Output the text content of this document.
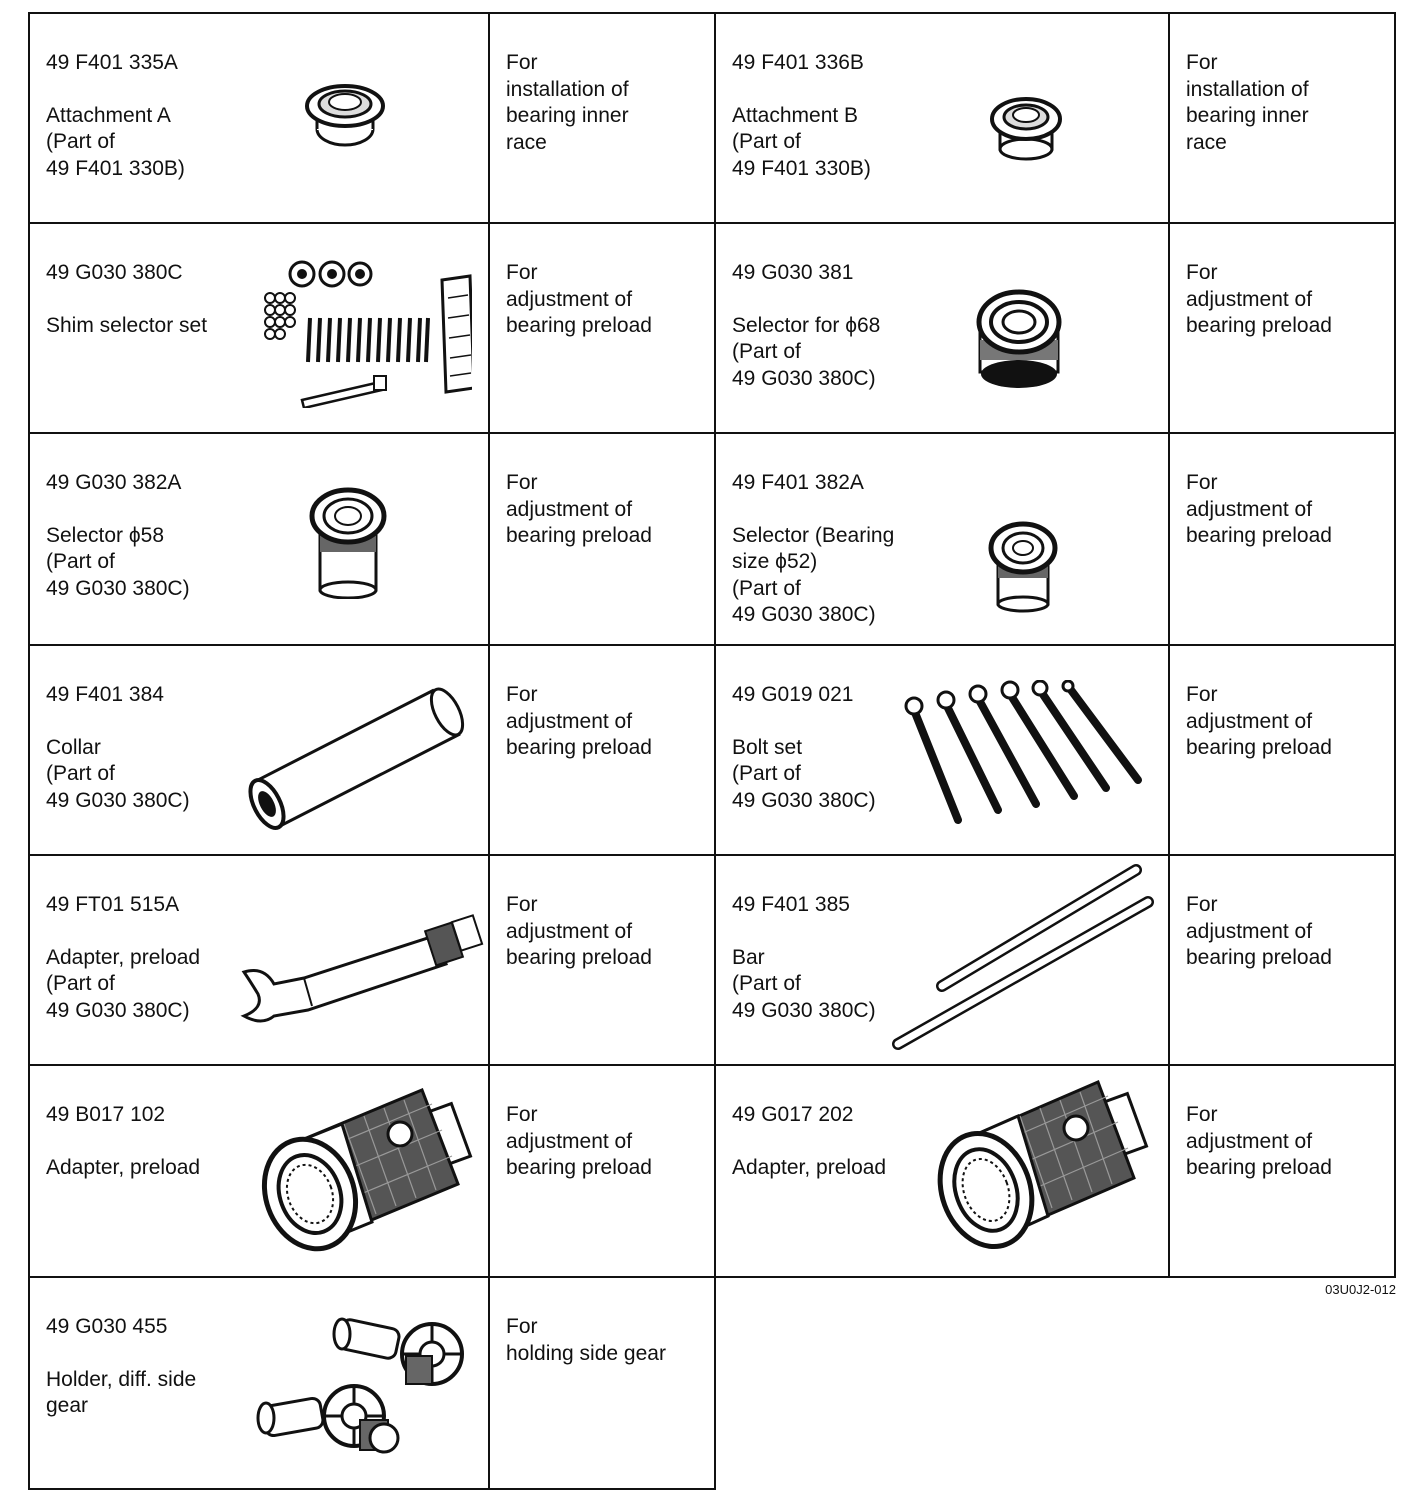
49 F401 335A
Attachment A
(Part of
49 F401 330B)
For
installation of
bearing inner
race
49 F401 336B
Attachment B
(Part of
49 F401 330B)
For
installation of
bearing inner
race
49 G030 380C
Shim selector set
For
adjustment of
bearing preload
49 G030 381
Selector for ϕ68
(Part of
49 G030 380C)
For
adjustment of
bearing preload
49 G030 382A
Selector ϕ58
(Part of
49 G030 380C)
For
adjustment of
bearing preload
49 F401 382A
Selector (Bearing
size ϕ52)
(Part of
49 G030 380C)
For
adjustment of
bearing preload
49 F401 384
Collar
(Part of
49 G030 380C)
For
adjustment of
bearing preload
49 G019 021
Bolt set
(Part of
49 G030 380C)
For
adjustment of
bearing preload
49 FT01 515A
Adapter, preload
(Part of
49 G030 380C)
For
adjustment of
bearing preload
49 F401 385
Bar
(Part of
49 G030 380C)
For
adjustment of
bearing preload
49 B017 102
Adapter, preload
For
adjustment of
bearing preload
49 G017 202
Adapter, preload
For
adjustment of
bearing preload
03U0J2-012
49 G030 455
Holder, diff. side
gear
For
holding side gear
